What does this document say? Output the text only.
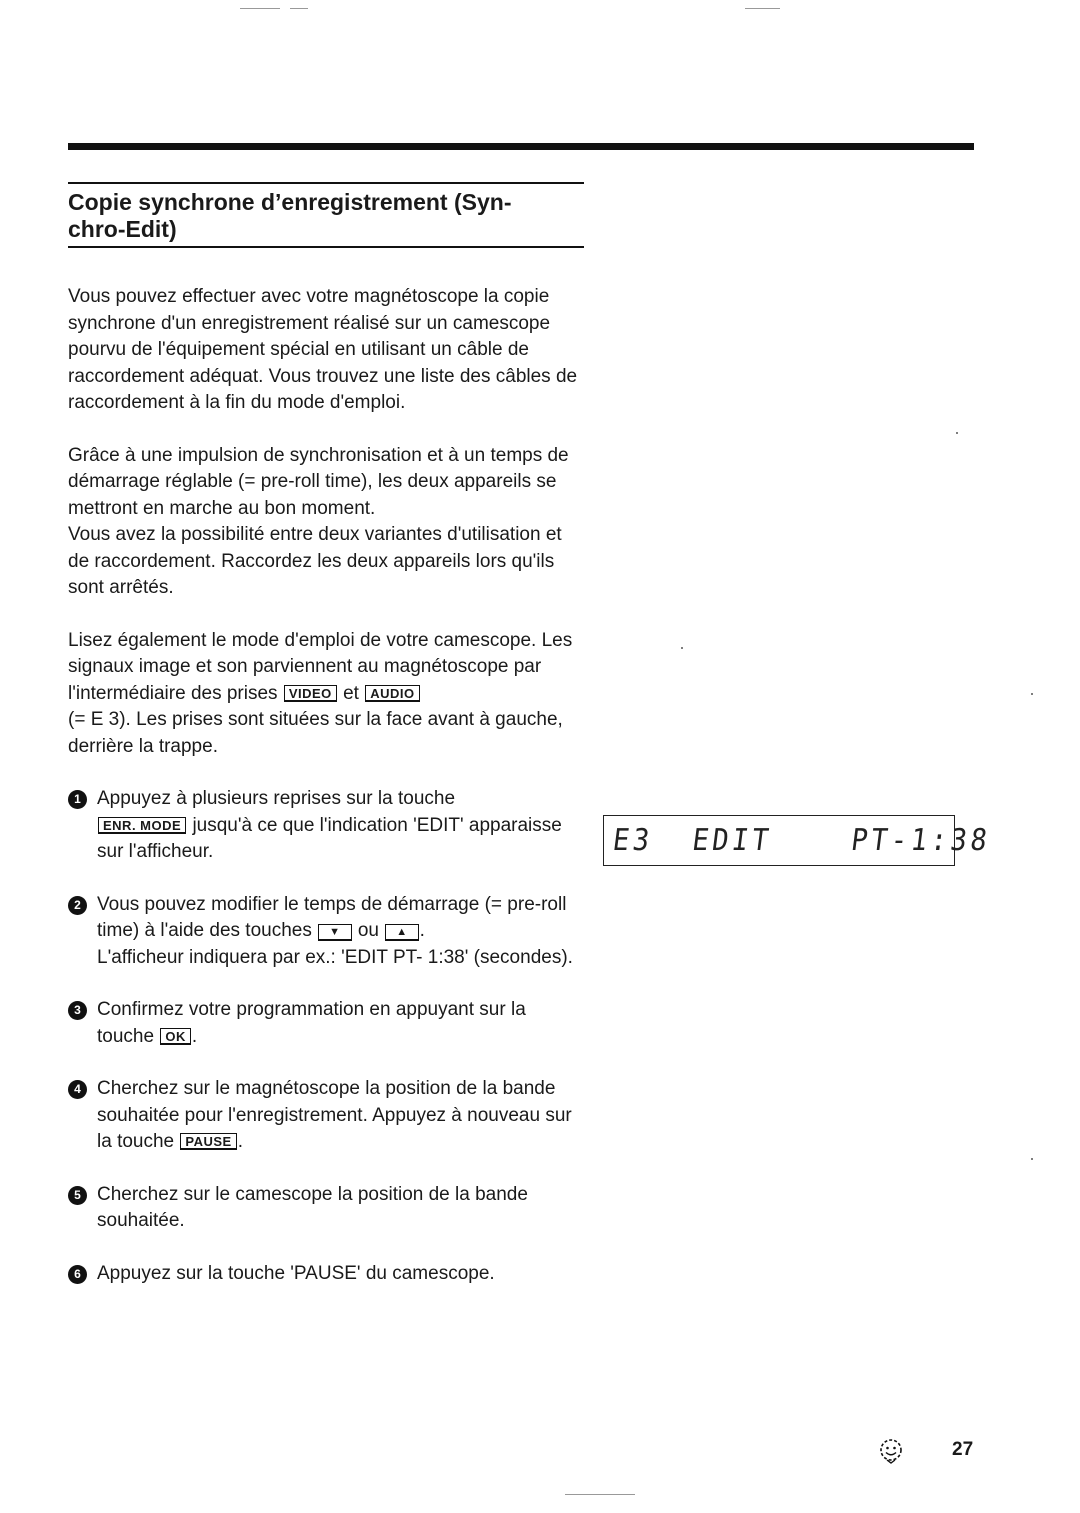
Copie synchrone d’enregistrement (Syn-
chro-Edit)

Vous pouvez effectuer avec votre magnétoscope la copie synchrone d'un enregistrement réalisé sur un camescope pourvu de l'équipement spécial en utilisant un câble de raccordement adéquat. Vous trouvez une liste des câbles de raccordement à la fin du mode d'emploi.

Grâce à une impulsion de synchronisation et à un temps de démarrage réglable (= pre-roll time), les deux appareils se mettront en marche au bon moment.
Vous avez la possibilité entre deux variantes d'utilisation et de raccordement. Raccordez les deux appareils lors qu'ils sont arrêtés.

Lisez également le mode d'emploi de votre camescope. Les signaux image et son parviennent au magnétoscope par l'intermédiaire des prises VIDEO et AUDIO
(= E 3). Les prises sont situées sur la face avant à gauche, derrière la trappe.

1 Appuyez à plusieurs reprises sur la touche
ENR. MODE jusqu'à ce que l'indication 'EDIT' apparaisse sur l'afficheur.
2 Vous pouvez modifier le temps de démarrage (= pre-roll time) à l'aide des touches ▼ ou ▲ .
L'afficheur indiquera par ex.: 'EDIT PT- 1:38' (secondes).
3 Confirmez votre programmation en appuyant sur la touche OK .
4 Cherchez sur le magnétoscope la position de la bande souhaitée pour l'enregistrement. Appuyez à nouveau sur la touche PAUSE .
5 Cherchez sur le camescope la position de la bande souhaitée.
6 Appuyez sur la touche 'PAUSE' du camescope.
E3  EDIT    PT-1:38
27
